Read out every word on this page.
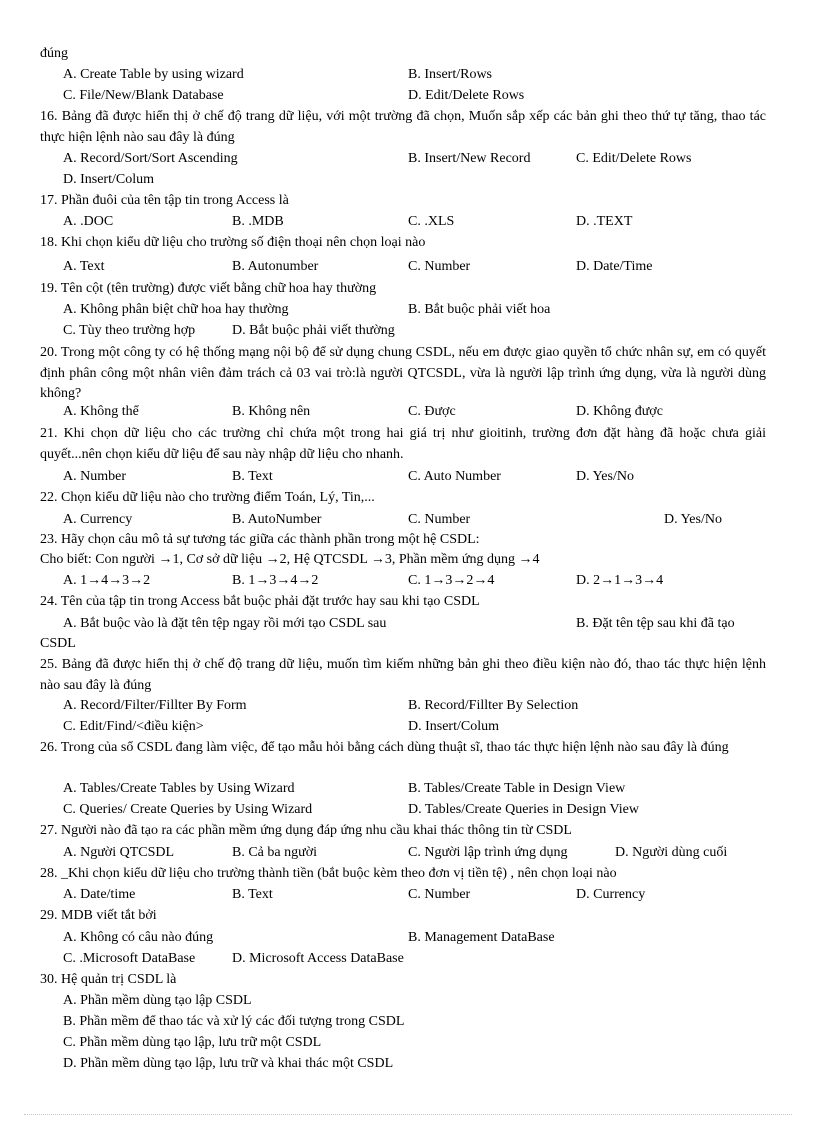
đúng
A. Create Table by using wizard	B. Insert/Rows
C. File/New/Blank Database	D. Edit/Delete Rows
16. Bảng đã được hiển thị ở chế độ trang dữ liệu, với một trường đã chọn, Muốn sắp xếp các bản ghi theo thứ tự tăng, thao tác thực hiện lệnh nào sau đây là đúng
A. Record/Sort/Sort Ascending	B. Insert/New Record	C. Edit/Delete Rows
D. Insert/Colum
17. Phần đuôi của tên tập tin trong Access là
A. .DOC	B. .MDB	C. .XLS	D. .TEXT
18. Khi chọn kiểu dữ liệu cho trường số điện thoại nên chọn loại nào
A. Text	B. Autonumber	C. Number	D. Date/Time
19. Tên cột (tên trường) được viết bằng chữ hoa hay thường
A. Không phân biệt chữ hoa hay thường	B. Bắt buộc phải viết hoa
C. Tùy theo trường hợp	D. Bắt buộc phải viết thường
20. Trong một công ty có hệ thống mạng nội bộ để sử dụng chung CSDL, nếu em được giao quyền tổ chức nhân sự, em có quyết định phân công một nhân viên đảm trách cả 03 vai trò:là người QTCSDL, vừa là người lập trình ứng dụng, vừa là người dùng không?
A. Không thể	B. Không nên	C. Được	D. Không được
21. Khi chọn dữ liệu cho các trường chỉ chứa một trong hai giá trị như gioitinh, trường đơn đặt hàng đã hoặc chưa giải quyết...nên chọn kiểu dữ liệu để sau này nhập dữ liệu cho nhanh.
A. Number	B. Text	C. Auto Number	D. Yes/No
22. Chọn kiểu dữ liệu nào cho trường điểm Toán, Lý, Tin,...
A. Currency	B. AutoNumber	C. Number	D. Yes/No
23. Hãy chọn câu mô tả sự tương tác giữa các thành phần trong một hệ CSDL:
Cho biết: Con người →1, Cơ sở dữ liệu →2, Hệ QTCSDL →3, Phần mềm ứng dụng →4
A. 1→4→3→2	B. 1→3→4→2	C. 1→3→2→4	D. 2→1→3→4
24. Tên của tập tin trong Access bắt buộc phải đặt trước hay sau khi tạo CSDL
A. Bắt buộc vào là đặt tên tệp ngay rồi mới tạo CSDL sau	B. Đặt tên tệp sau khi đã tạo
CSDL
25. Bảng đã được hiển thị ở chế độ trang dữ liệu, muốn tìm kiếm những bản ghi theo điều kiện nào đó, thao tác thực hiện lệnh nào sau đây là đúng
A. Record/Filter/Fillter By Form	B. Record/Fillter By Selection
C. Edit/Find/<điều kiện>	D. Insert/Colum
26. Trong của sổ CSDL đang làm việc, để tạo mẫu hỏi bằng cách dùng thuật sĩ, thao tác thực hiện lệnh nào sau đây là đúng
A. Tables/Create Tables by Using Wizard	B. Tables/Create Table in Design View
C. Queries/ Create Queries by Using Wizard	D. Tables/Create Queries in Design View
27. Người nào đã tạo ra các phần mềm ứng dụng đáp ứng nhu cầu khai thác thông tin từ CSDL
A. Người QTCSDL	B. Cả ba người	C. Người lập trình ứng dụng	D. Người dùng cuối
28. _Khi chọn kiểu dữ liệu cho trường thành tiền (bắt buộc kèm theo đơn vị tiền tệ) , nên chọn loại nào
A. Date/time	B. Text	C. Number	D. Currency
29. MDB viết tắt bởi
A. Không có câu nào đúng	B. Management DataBase
C. .Microsoft DataBase	D. Microsoft Access DataBase
30. Hệ quản trị CSDL là
A. Phần mềm dùng tạo lập CSDL
B. Phần mềm để thao tác và xử lý các đối tượng trong CSDL
C. Phần mềm dùng tạo lập, lưu trữ một CSDL
D. Phần mềm dùng tạo lập, lưu trữ và khai thác một CSDL
